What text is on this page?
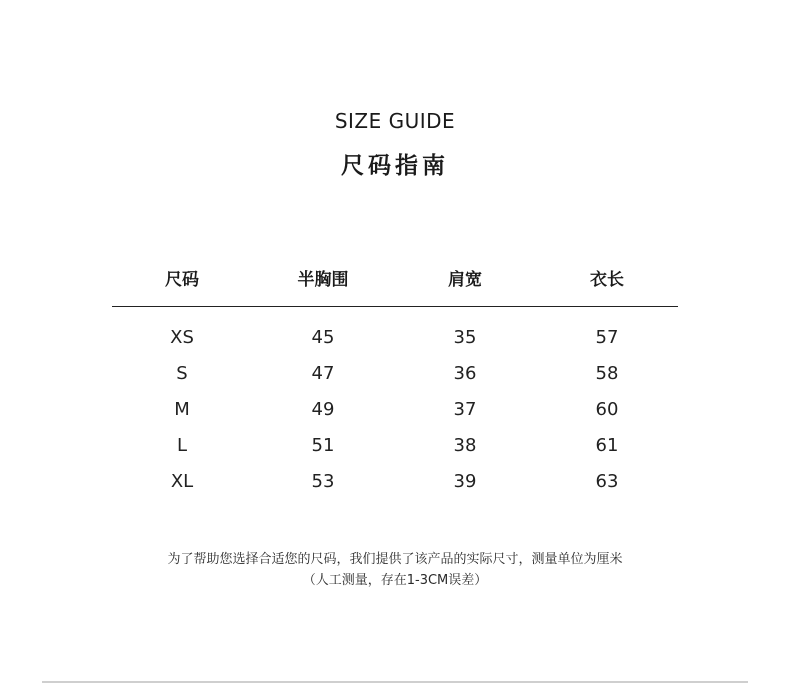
SIZE GUIDE
尺码指南
尺码	半胸围	肩宽	衣长
XS	45	35	57
S	47	36	58
M	49	37	60
L	51	38	61
XL	53	39	63
为了帮助您选择合适您的尺码，我们提供了该产品的实际尺寸，测量单位为厘米
（人工测量，存在1-3CM误差）
